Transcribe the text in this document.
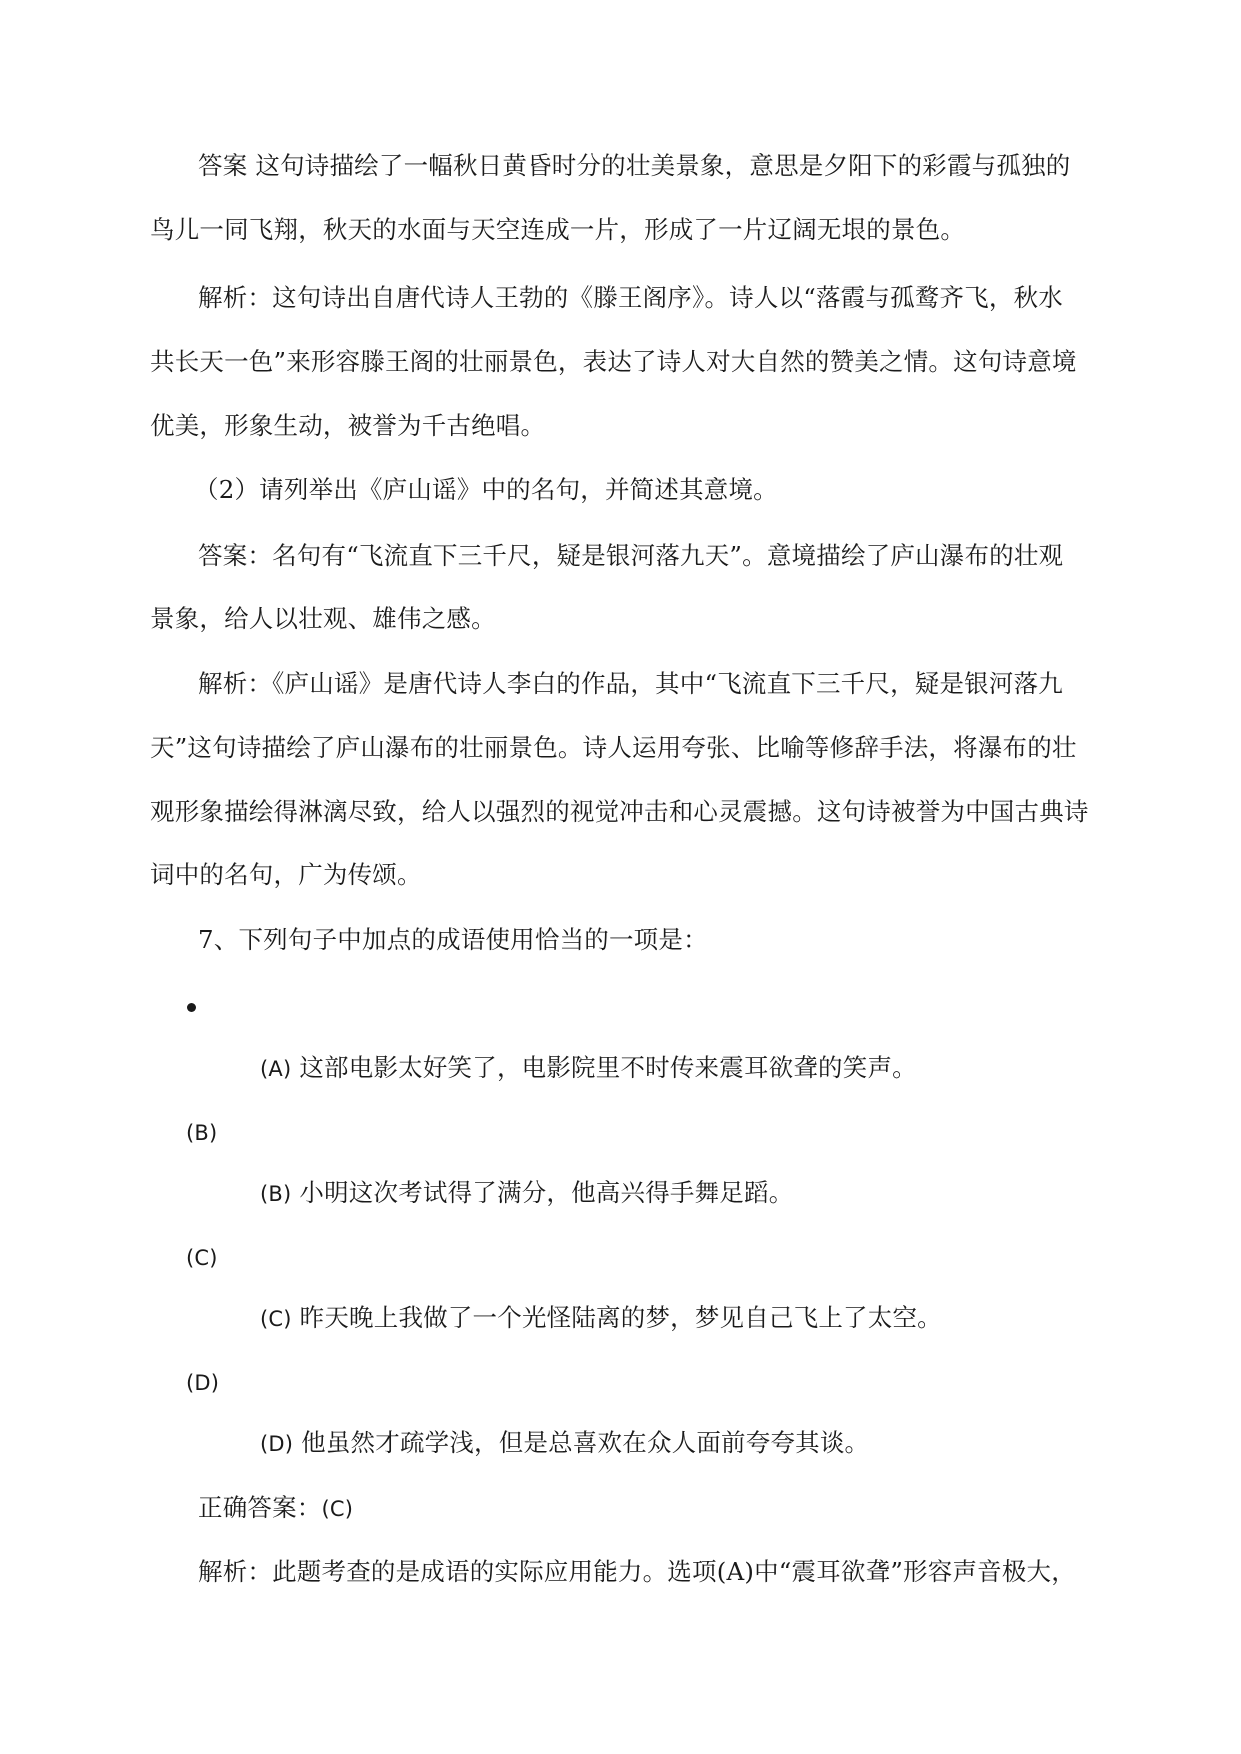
答案 这句诗描绘了一幅秋日黄昏时分的壮美景象，意思是夕阳下的彩霞与孤独的
鸟儿一同飞翔，秋天的水面与天空连成一片，形成了一片辽阔无垠的景色。
解析：这句诗出自唐代诗人王勃的《滕王阁序》。诗人以“落霞与孤鹜齐飞，秋水
共长天一色”来形容滕王阁的壮丽景色，表达了诗人对大自然的赞美之情。这句诗意境
优美，形象生动，被誉为千古绝唱。
（2）请列举出《庐山谣》中的名句，并简述其意境。
答案：名句有“飞流直下三千尺，疑是银河落九天”。意境描绘了庐山瀑布的壮观
景象，给人以壮观、雄伟之感。
解析：《庐山谣》是唐代诗人李白的作品，其中“飞流直下三千尺，疑是银河落九
天”这句诗描绘了庐山瀑布的壮丽景色。诗人运用夸张、比喻等修辞手法，将瀑布的壮
观形象描绘得淋漓尽致，给人以强烈的视觉冲击和心灵震撼。这句诗被誉为中国古典诗
词中的名句，广为传颂。
7、下列句子中加点的成语使用恰当的一项是：
(A) 这部电影太好笑了，电影院里不时传来震耳欲聋的笑声。
(B)
(B) 小明这次考试得了满分，他高兴得手舞足蹈。
(C)
(C) 昨天晚上我做了一个光怪陆离的梦，梦见自己飞上了太空。
(D)
(D) 他虽然才疏学浅，但是总喜欢在众人面前夸夸其谈。
正确答案：(C)
解析：此题考查的是成语的实际应用能力。选项(A)中“震耳欲聋”形容声音极大，
